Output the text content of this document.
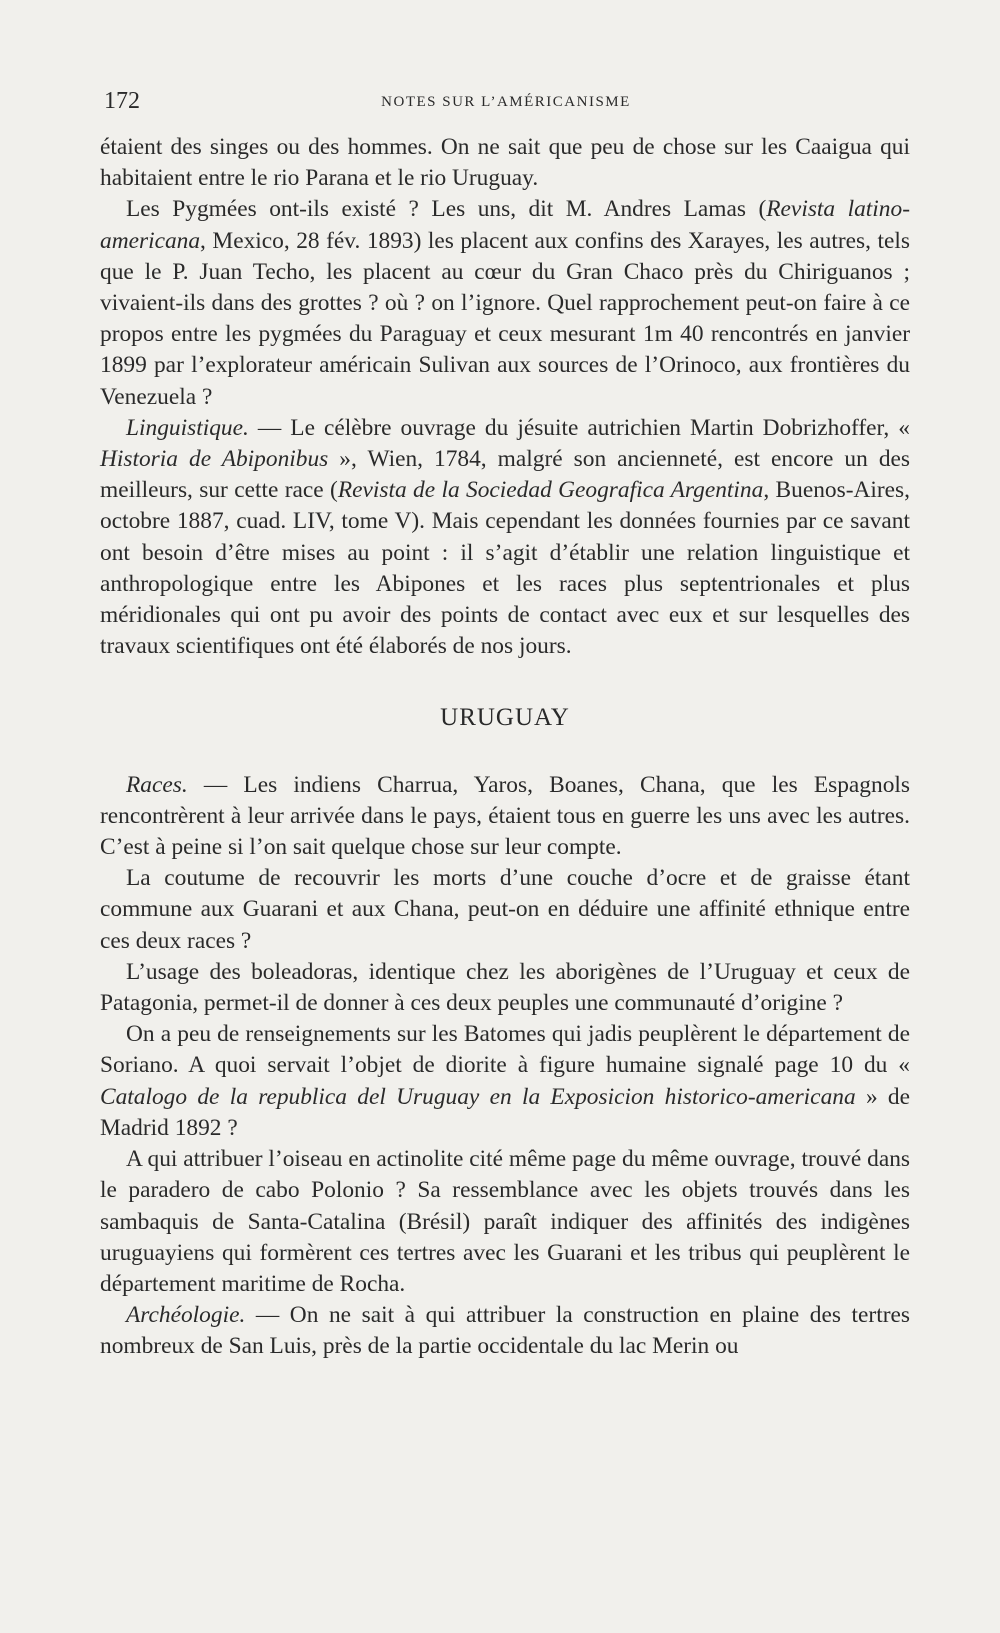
172	NOTES SUR L’AMÉRICANISME

étaient des singes ou des hommes. On ne sait que peu de chose sur les Caaigua qui habitaient entre le rio Parana et le rio Uruguay.

Les Pygmées ont-ils existé ? Les uns, dit M. Andres Lamas (Revista latino-americana, Mexico, 28 fév. 1893) les placent aux confins des Xarayes, les autres, tels que le P. Juan Techo, les placent au cœur du Gran Chaco près du Chiriguanos ; vivaient-ils dans des grottes ? où ? on l’ignore. Quel rapprochement peut-on faire à ce propos entre les pygmées du Paraguay et ceux mesurant 1m 40 rencontrés en janvier 1899 par l’explorateur américain Sulivan aux sources de l’Orinoco, aux frontières du Venezuela ?

Linguistique. — Le célèbre ouvrage du jésuite autrichien Martin Dobrizhoffer, « Historia de Abiponibus », Wien, 1784, malgré son ancienneté, est encore un des meilleurs, sur cette race (Revista de la Sociedad Geografica Argentina, Buenos-Aires, octobre 1887, cuad. LIV, tome V). Mais cependant les données fournies par ce savant ont besoin d’être mises au point : il s’agit d’établir une relation linguistique et anthropologique entre les Abipones et les races plus septentrionales et plus méridionales qui ont pu avoir des points de contact avec eux et sur lesquelles des travaux scientifiques ont été élaborés de nos jours.

URUGUAY

Races. — Les indiens Charrua, Yaros, Boanes, Chana, que les Espagnols rencontrèrent à leur arrivée dans le pays, étaient tous en guerre les uns avec les autres. C’est à peine si l’on sait quelque chose sur leur compte.

La coutume de recouvrir les morts d’une couche d’ocre et de graisse étant commune aux Guarani et aux Chana, peut-on en déduire une affinité ethnique entre ces deux races ?

L’usage des boleadoras, identique chez les aborigènes de l’Uruguay et ceux de Patagonia, permet-il de donner à ces deux peuples une communauté d’origine ?

On a peu de renseignements sur les Batomes qui jadis peuplèrent le département de Soriano. A quoi servait l’objet de diorite à figure humaine signalé page 10 du « Catalogo de la republica del Uruguay en la Exposicion historico-americana » de Madrid 1892 ?

A qui attribuer l’oiseau en actinolite cité même page du même ouvrage, trouvé dans le paradero de cabo Polonio ? Sa ressemblance avec les objets trouvés dans les sambaquis de Santa-Catalina (Brésil) paraît indiquer des affinités des indigènes uruguayiens qui formèrent ces tertres avec les Guarani et les tribus qui peuplèrent le département maritime de Rocha.

Archéologie. — On ne sait à qui attribuer la construction en plaine des tertres nombreux de San Luis, près de la partie occidentale du lac Merin ou
